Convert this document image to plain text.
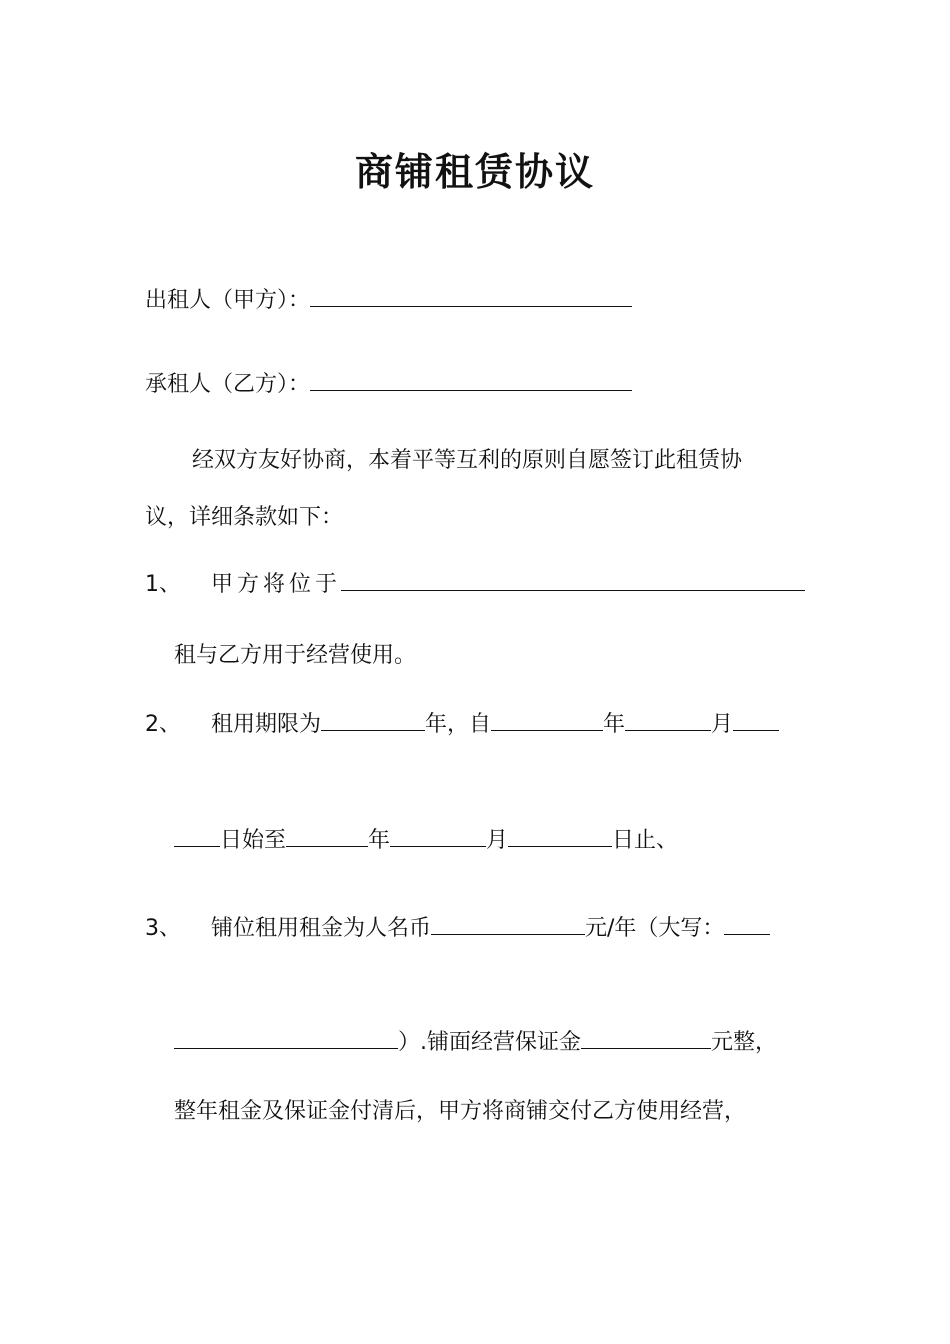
商铺租赁协议
出租人（甲方）：
承租人（乙方）：
经双方友好协商，本着平等互利的原则自愿签订此租赁协
议，详细条款如下：
1、 甲方将位于
租与乙方用于经营使用。
2、 租用期限为	年，自	年	月
日始至	年	月	日止、
3、 铺位租用租金为人名币	元/年（大写：
）.铺面经营保证金	元整，
整年租金及保证金付清后，甲方将商铺交付乙方使用经营，
